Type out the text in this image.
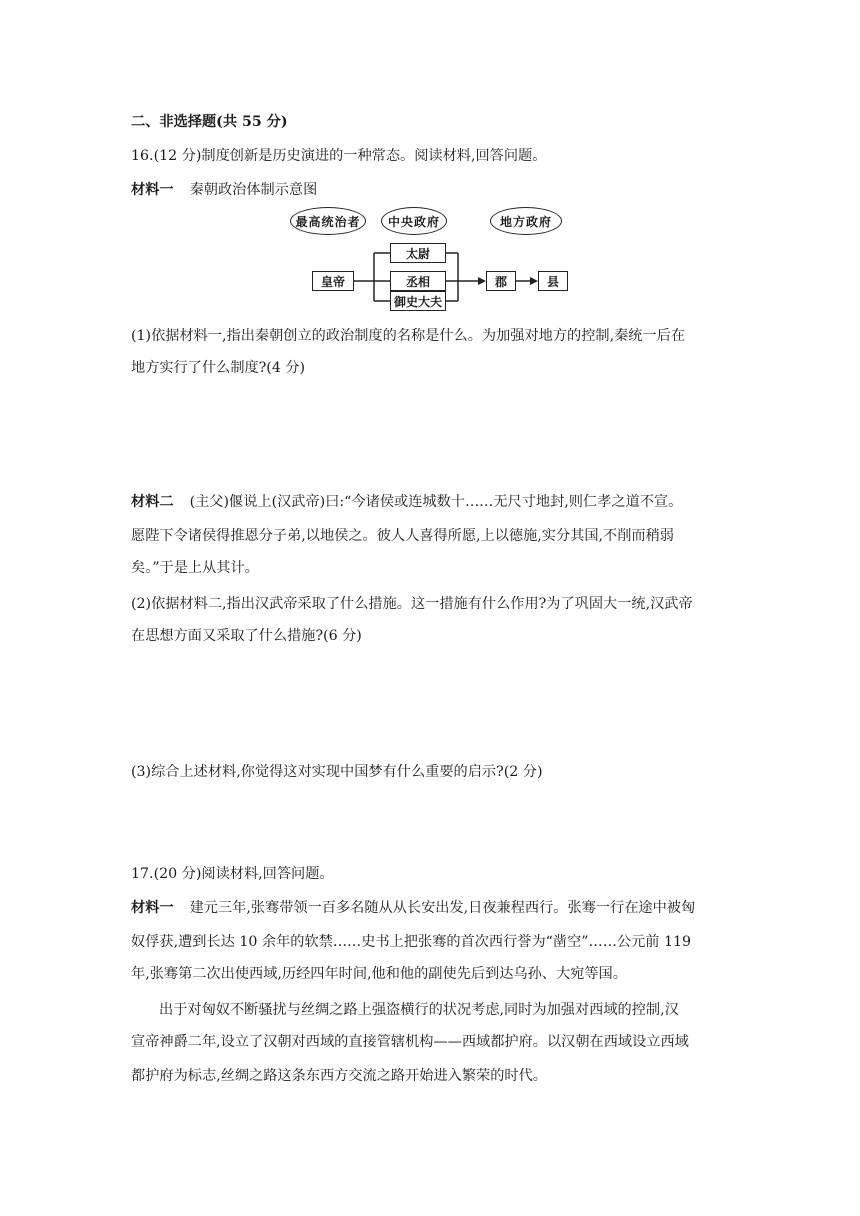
二、非选择题(共 55 分)
16.(12 分)制度创新是历史演进的一种常态。阅读材料,回答问题。
材料一 秦朝政治体制示意图
最高统治者	中央政府	地方政府
皇帝
太尉
丞相
御史大夫
郡	县
(1)依据材料一,指出秦朝创立的政治制度的名称是什么。为加强对地方的控制,秦统一后在
地方实行了什么制度?(4 分)
材料二 (主父)偃说上(汉武帝)曰:“今诸侯或连城数十……无尺寸地封,则仁孝之道不宣。
愿陛下令诸侯得推恩分子弟,以地侯之。彼人人喜得所愿,上以德施,实分其国,不削而稍弱
矣。”于是上从其计。
(2)依据材料二,指出汉武帝采取了什么措施。这一措施有什么作用?为了巩固大一统,汉武帝
在思想方面又采取了什么措施?(6 分)
(3)综合上述材料,你觉得这对实现中国梦有什么重要的启示?(2 分)
17.(20 分)阅读材料,回答问题。
材料一 建元三年,张骞带领一百多名随从从长安出发,日夜兼程西行。张骞一行在途中被匈
奴俘获,遭到长达 10 余年的软禁……史书上把张骞的首次西行誉为“凿空”……公元前 119
年,张骞第二次出使西域,历经四年时间,他和他的副使先后到达乌孙、大宛等国。
出于对匈奴不断骚扰与丝绸之路上强盗横行的状况考虑,同时为加强对西域的控制,汉
宣帝神爵二年,设立了汉朝对西域的直接管辖机构——西域都护府。以汉朝在西域设立西域
都护府为标志,丝绸之路这条东西方交流之路开始进入繁荣的时代。
